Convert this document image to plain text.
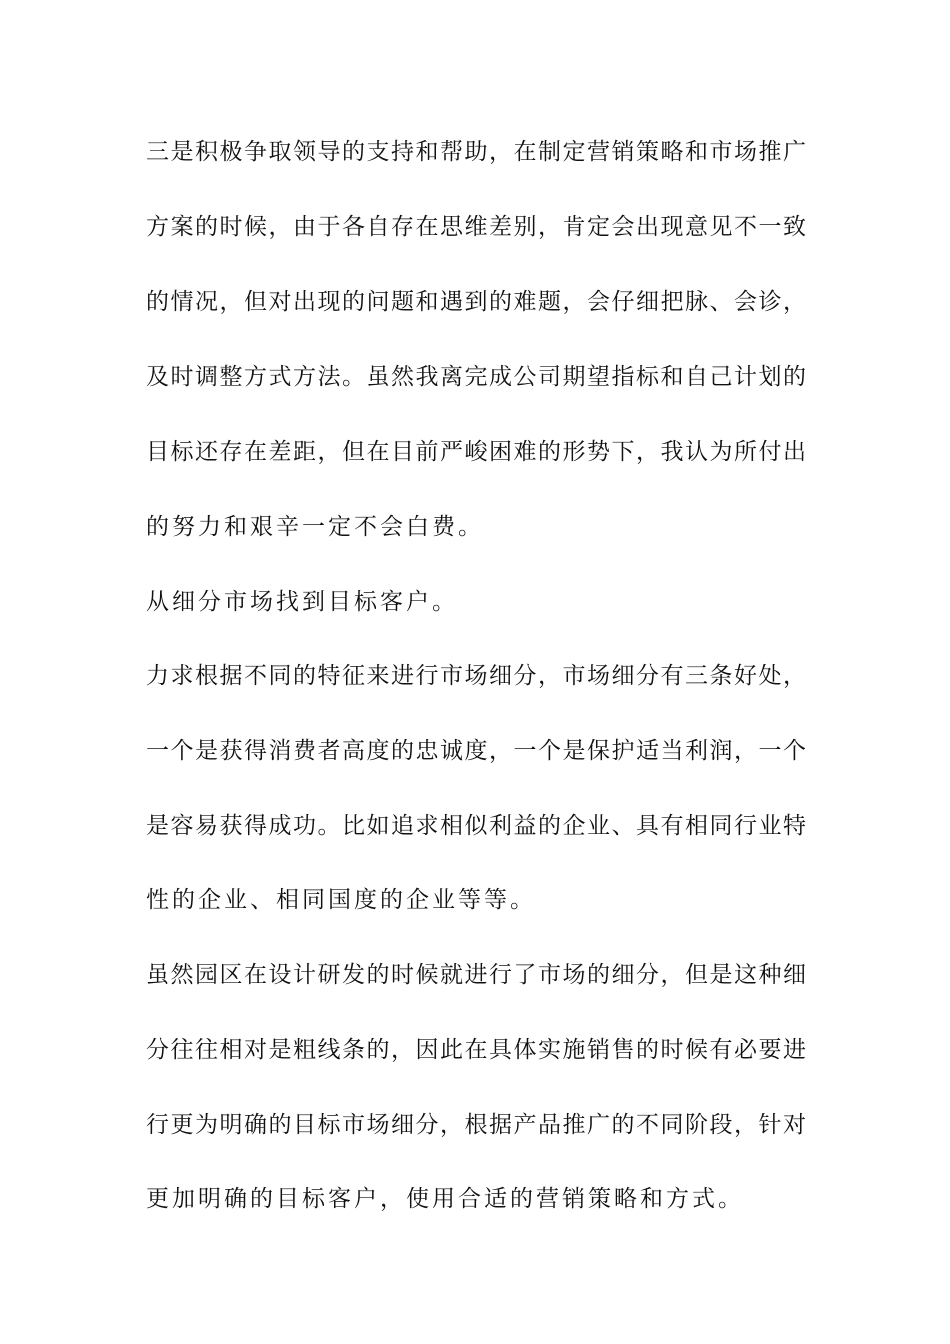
三是积极争取领导的支持和帮助，在制定营销策略和市场推广
方案的时候，由于各自存在思维差别，肯定会出现意见不一致
的情况，但对出现的问题和遇到的难题，会仔细把脉、会诊，
及时调整方式方法。虽然我离完成公司期望指标和自己计划的
目标还存在差距，但在目前严峻困难的形势下，我认为所付出
的努力和艰辛一定不会白费。
从细分市场找到目标客户。
力求根据不同的特征来进行市场细分，市场细分有三条好处，
一个是获得消费者高度的忠诚度，一个是保护适当利润，一个
是容易获得成功。比如追求相似利益的企业、具有相同行业特
性的企业、相同国度的企业等等。
虽然园区在设计研发的时候就进行了市场的细分，但是这种细
分往往相对是粗线条的，因此在具体实施销售的时候有必要进
行更为明确的目标市场细分，根据产品推广的不同阶段，针对
更加明确的目标客户，使用合适的营销策略和方式。
